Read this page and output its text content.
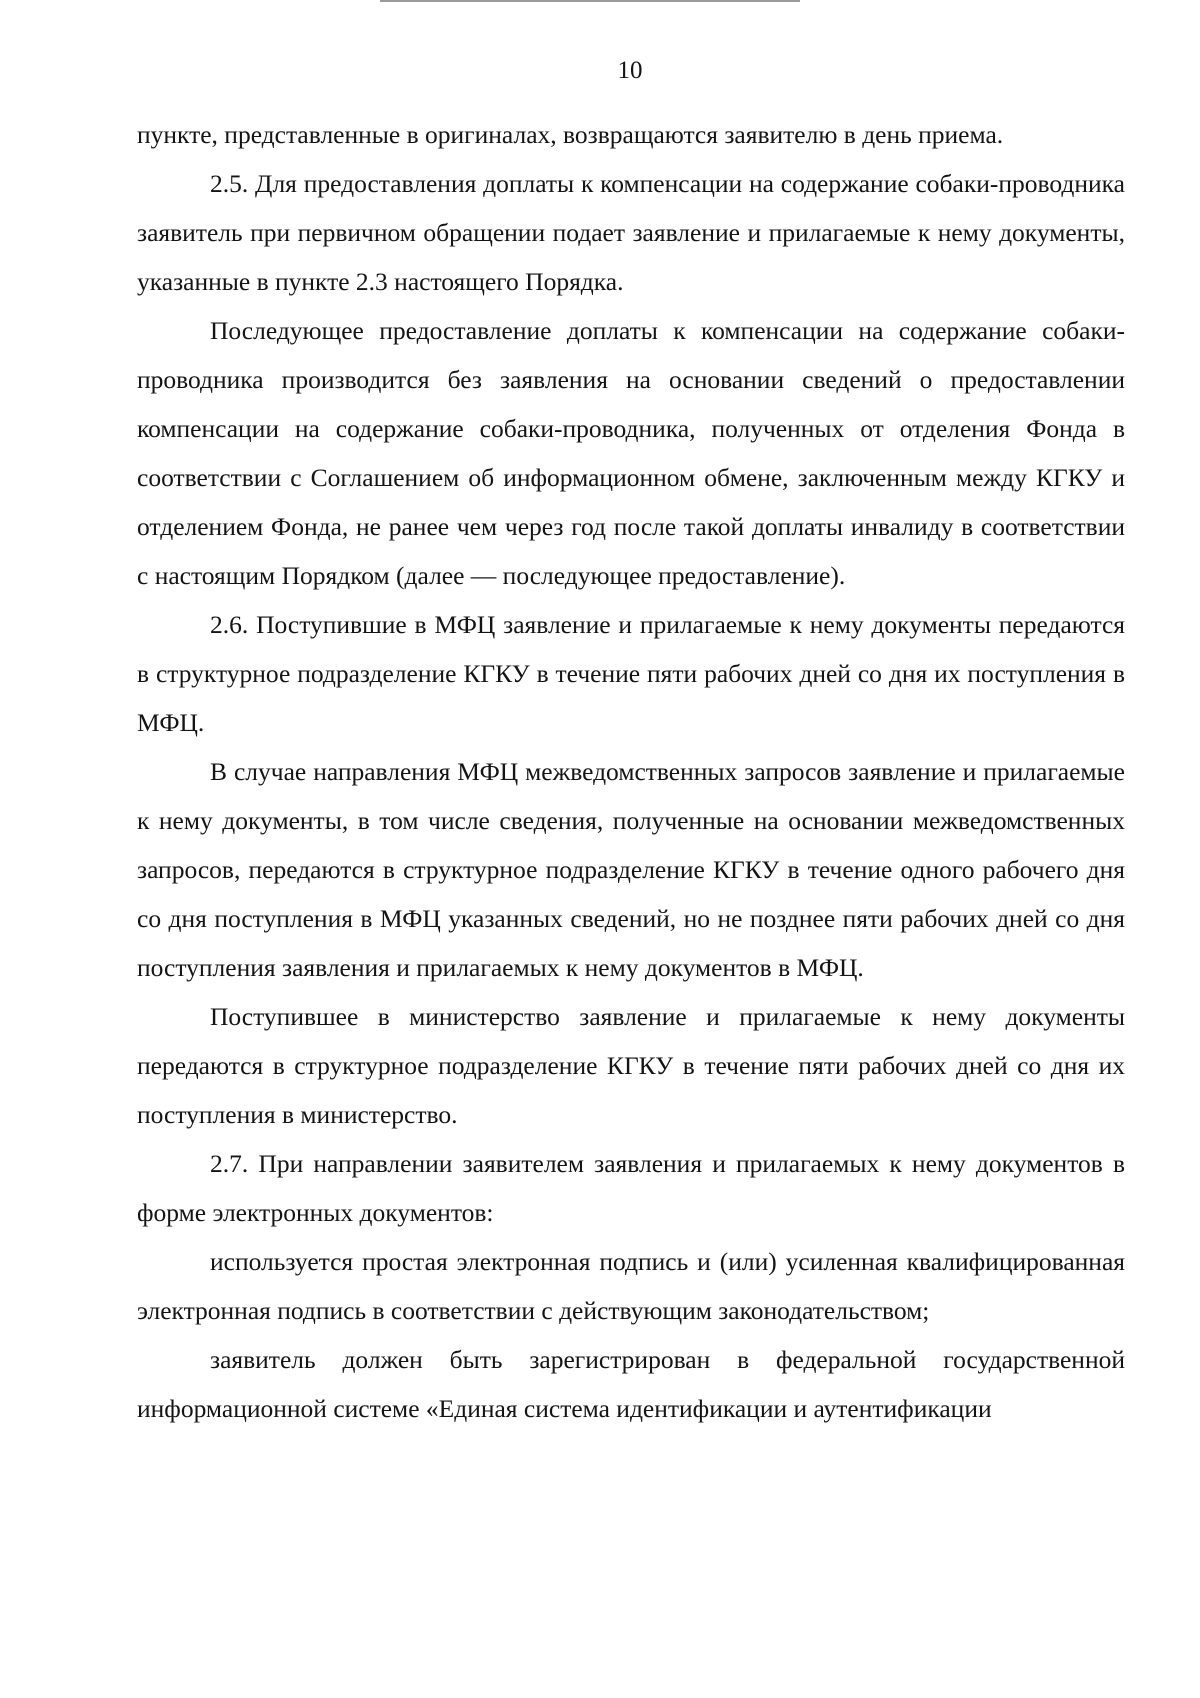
10

пункте, представленные в оригиналах, возвращаются заявителю в день приема.

2.5. Для предоставления доплаты к компенсации на содержание собаки-проводника заявитель при первичном обращении подает заявление и прилагаемые к нему документы, указанные в пункте 2.3 настоящего Порядка.

Последующее предоставление доплаты к компенсации на содержание собаки-проводника производится без заявления на основании сведений о предоставлении компенсации на содержание собаки-проводника, полученных от отделения Фонда в соответствии с Соглашением об информационном обмене, заключенным между КГКУ и отделением Фонда, не ранее чем через год после такой доплаты инвалиду в соответствии с настоящим Порядком (далее — последующее предоставление).

2.6. Поступившие в МФЦ заявление и прилагаемые к нему документы передаются в структурное подразделение КГКУ в течение пяти рабочих дней со дня их поступления в МФЦ.

В случае направления МФЦ межведомственных запросов заявление и прилагаемые к нему документы, в том числе сведения, полученные на основании межведомственных запросов, передаются в структурное подразделение КГКУ в течение одного рабочего дня со дня поступления в МФЦ указанных сведений, но не позднее пяти рабочих дней со дня поступления заявления и прилагаемых к нему документов в МФЦ.

Поступившее в министерство заявление и прилагаемые к нему документы передаются в структурное подразделение КГКУ в течение пяти рабочих дней со дня их поступления в министерство.

2.7. При направлении заявителем заявления и прилагаемых к нему документов в форме электронных документов:

используется простая электронная подпись и (или) усиленная квалифицированная электронная подпись в соответствии с действующим законодательством;

заявитель должен быть зарегистрирован в федеральной государственной информационной системе «Единая система идентификации и аутентификации
